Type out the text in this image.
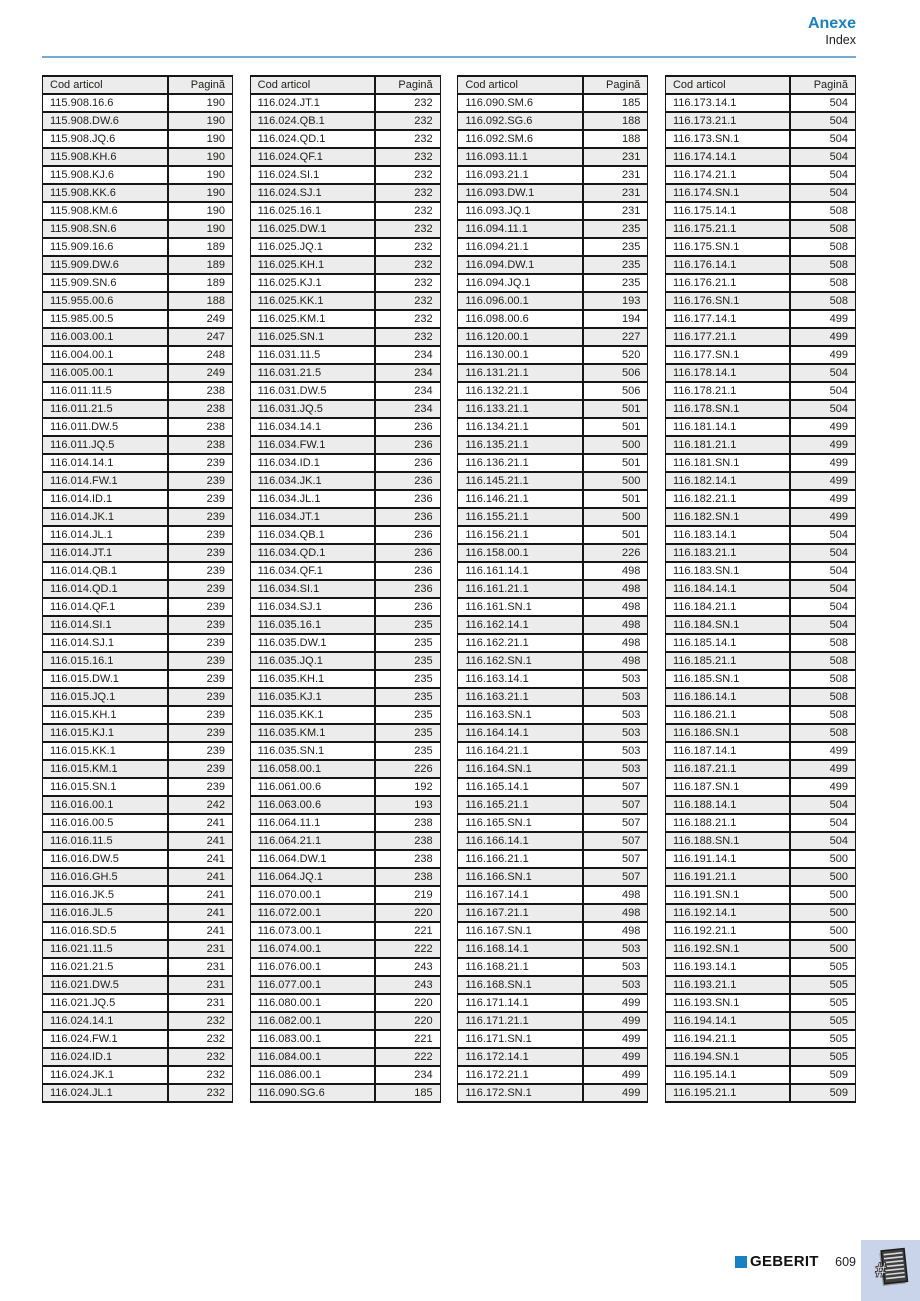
Anexe
Index
Cod articol	Pagină
115.908.16.6	190
115.908.DW.6	190
115.908.JQ.6	190
115.908.KH.6	190
115.908.KJ.6	190
115.908.KK.6	190
115.908.KM.6	190
115.908.SN.6	190
115.909.16.6	189
115.909.DW.6	189
115.909.SN.6	189
115.955.00.6	188
115.985.00.5	249
116.003.00.1	247
116.004.00.1	248
116.005.00.1	249
116.011.11.5	238
116.011.21.5	238
116.011.DW.5	238
116.011.JQ.5	238
116.014.14.1	239
116.014.FW.1	239
116.014.ID.1	239
116.014.JK.1	239
116.014.JL.1	239
116.014.JT.1	239
116.014.QB.1	239
116.014.QD.1	239
116.014.QF.1	239
116.014.SI.1	239
116.014.SJ.1	239
116.015.16.1	239
116.015.DW.1	239
116.015.JQ.1	239
116.015.KH.1	239
116.015.KJ.1	239
116.015.KK.1	239
116.015.KM.1	239
116.015.SN.1	239
116.016.00.1	242
116.016.00.5	241
116.016.11.5	241
116.016.DW.5	241
116.016.GH.5	241
116.016.JK.5	241
116.016.JL.5	241
116.016.SD.5	241
116.021.11.5	231
116.021.21.5	231
116.021.DW.5	231
116.021.JQ.5	231
116.024.14.1	232
116.024.FW.1	232
116.024.ID.1	232
116.024.JK.1	232
116.024.JL.1	232
Cod articol	Pagină
116.024.JT.1	232
116.024.QB.1	232
116.024.QD.1	232
116.024.QF.1	232
116.024.SI.1	232
116.024.SJ.1	232
116.025.16.1	232
116.025.DW.1	232
116.025.JQ.1	232
116.025.KH.1	232
116.025.KJ.1	232
116.025.KK.1	232
116.025.KM.1	232
116.025.SN.1	232
116.031.11.5	234
116.031.21.5	234
116.031.DW.5	234
116.031.JQ.5	234
116.034.14.1	236
116.034.FW.1	236
116.034.ID.1	236
116.034.JK.1	236
116.034.JL.1	236
116.034.JT.1	236
116.034.QB.1	236
116.034.QD.1	236
116.034.QF.1	236
116.034.SI.1	236
116.034.SJ.1	236
116.035.16.1	235
116.035.DW.1	235
116.035.JQ.1	235
116.035.KH.1	235
116.035.KJ.1	235
116.035.KK.1	235
116.035.KM.1	235
116.035.SN.1	235
116.058.00.1	226
116.061.00.6	192
116.063.00.6	193
116.064.11.1	238
116.064.21.1	238
116.064.DW.1	238
116.064.JQ.1	238
116.070.00.1	219
116.072.00.1	220
116.073.00.1	221
116.074.00.1	222
116.076.00.1	243
116.077.00.1	243
116.080.00.1	220
116.082.00.1	220
116.083.00.1	221
116.084.00.1	222
116.086.00.1	234
116.090.SG.6	185
Cod articol	Pagină
116.090.SM.6	185
116.092.SG.6	188
116.092.SM.6	188
116.093.11.1	231
116.093.21.1	231
116.093.DW.1	231
116.093.JQ.1	231
116.094.11.1	235
116.094.21.1	235
116.094.DW.1	235
116.094.JQ.1	235
116.096.00.1	193
116.098.00.6	194
116.120.00.1	227
116.130.00.1	520
116.131.21.1	506
116.132.21.1	506
116.133.21.1	501
116.134.21.1	501
116.135.21.1	500
116.136.21.1	501
116.145.21.1	500
116.146.21.1	501
116.155.21.1	500
116.156.21.1	501
116.158.00.1	226
116.161.14.1	498
116.161.21.1	498
116.161.SN.1	498
116.162.14.1	498
116.162.21.1	498
116.162.SN.1	498
116.163.14.1	503
116.163.21.1	503
116.163.SN.1	503
116.164.14.1	503
116.164.21.1	503
116.164.SN.1	503
116.165.14.1	507
116.165.21.1	507
116.165.SN.1	507
116.166.14.1	507
116.166.21.1	507
116.166.SN.1	507
116.167.14.1	498
116.167.21.1	498
116.167.SN.1	498
116.168.14.1	503
116.168.21.1	503
116.168.SN.1	503
116.171.14.1	499
116.171.21.1	499
116.171.SN.1	499
116.172.14.1	499
116.172.21.1	499
116.172.SN.1	499
Cod articol	Pagină
116.173.14.1	504
116.173.21.1	504
116.173.SN.1	504
116.174.14.1	504
116.174.21.1	504
116.174.SN.1	504
116.175.14.1	508
116.175.21.1	508
116.175.SN.1	508
116.176.14.1	508
116.176.21.1	508
116.176.SN.1	508
116.177.14.1	499
116.177.21.1	499
116.177.SN.1	499
116.178.14.1	504
116.178.21.1	504
116.178.SN.1	504
116.181.14.1	499
116.181.21.1	499
116.181.SN.1	499
116.182.14.1	499
116.182.21.1	499
116.182.SN.1	499
116.183.14.1	504
116.183.21.1	504
116.183.SN.1	504
116.184.14.1	504
116.184.21.1	504
116.184.SN.1	504
116.185.14.1	508
116.185.21.1	508
116.185.SN.1	508
116.186.14.1	508
116.186.21.1	508
116.186.SN.1	508
116.187.14.1	499
116.187.21.1	499
116.187.SN.1	499
116.188.14.1	504
116.188.21.1	504
116.188.SN.1	504
116.191.14.1	500
116.191.21.1	500
116.191.SN.1	500
116.192.14.1	500
116.192.21.1	500
116.192.SN.1	500
116.193.14.1	505
116.193.21.1	505
116.193.SN.1	505
116.194.14.1	505
116.194.21.1	505
116.194.SN.1	505
116.195.14.1	509
116.195.21.1	509
GEBERIT 609 #
